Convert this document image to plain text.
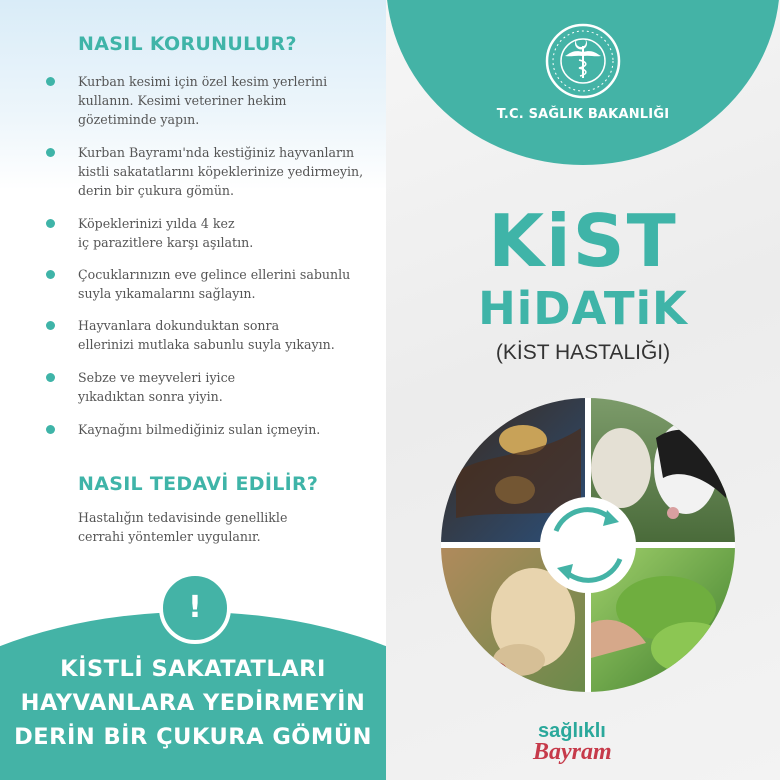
NASIL KORUNULUR?
Kurban kesimi için özel kesim yerlerini
kullanın. Kesimi veteriner hekim
gözetiminde yapın.
Kurban Bayramı'nda kestiğiniz hayvanların
kistli sakatatlarını köpeklerinize yedirmeyin,
derin bir çukura gömün.
Köpeklerinizi yılda 4 kez
iç parazitlere karşı aşılatın.
Çocuklarınızın eve gelince ellerini sabunlu
suyla yıkamalarını sağlayın.
Hayvanlara dokunduktan sonra
ellerinizi mutlaka sabunlu suyla yıkayın.
Sebze ve meyveleri iyice
yıkadıktan sonra yiyin.
Kaynağını bilmediğiniz sulan içmeyin.
NASIL TEDAVİ EDİLİR?

Hastalığın tedavisinde genellikle
cerrahi yöntemler uygulanır.

!
KİSTLİ SAKATATLARI
HAYVANLARA YEDİRMEYİN
DERİN BİR ÇUKURA GÖMÜN
T.C. SAĞLIK BAKANLIĞI
KiST
HiDATiK
(KİST HASTALIĞI)
sağlıklı
Bayram
